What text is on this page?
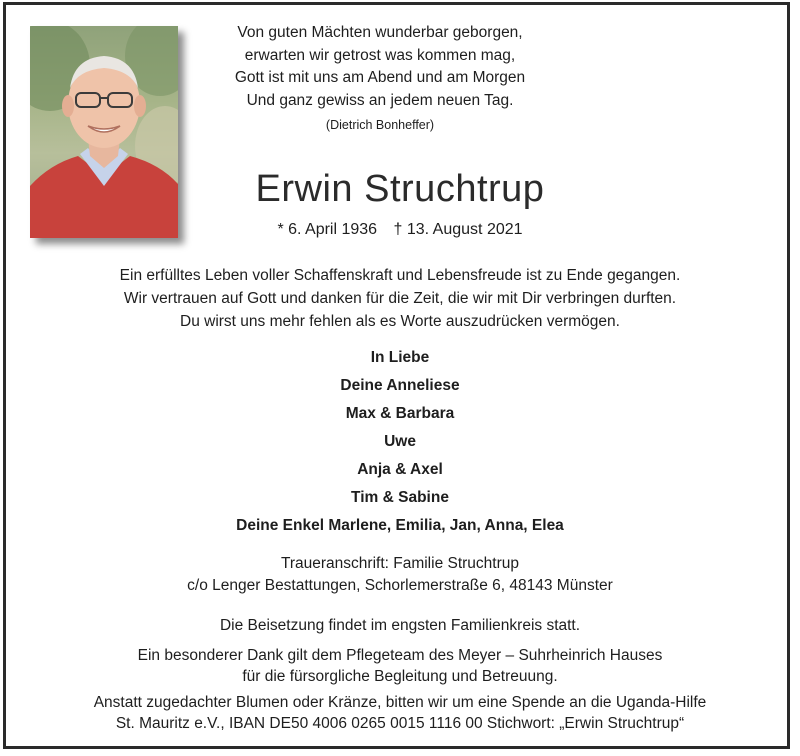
Von guten Mächten wunderbar geborgen,
erwarten wir getrost was kommen mag,
Gott ist mit uns am Abend und am Morgen
Und ganz gewiss an jedem neuen Tag.
(Dietrich Bonheffer)
Erwin Struchtrup
* 6. April 1936 † 13. August 2021
Ein erfülltes Leben voller Schaffenskraft und Lebensfreude ist zu Ende gegangen.
Wir vertrauen auf Gott und danken für die Zeit, die wir mit Dir verbringen durften.
Du wirst uns mehr fehlen als es Worte auszudrücken vermögen.
In Liebe
Deine Anneliese
Max & Barbara
Uwe
Anja & Axel
Tim & Sabine
Deine Enkel Marlene, Emilia, Jan, Anna, Elea
Traueranschrift: Familie Struchtrup
c/o Lenger Bestattungen, Schorlemerstraße 6, 48143 Münster
Die Beisetzung findet im engsten Familienkreis statt.
Ein besonderer Dank gilt dem Pflegeteam des Meyer – Suhrheinrich Hauses
für die fürsorgliche Begleitung und Betreuung.
Anstatt zugedachter Blumen oder Kränze, bitten wir um eine Spende an die Uganda-Hilfe
St. Mauritz e.V., IBAN DE50 4006 0265 0015 1116 00 Stichwort: „Erwin Struchtrup“
